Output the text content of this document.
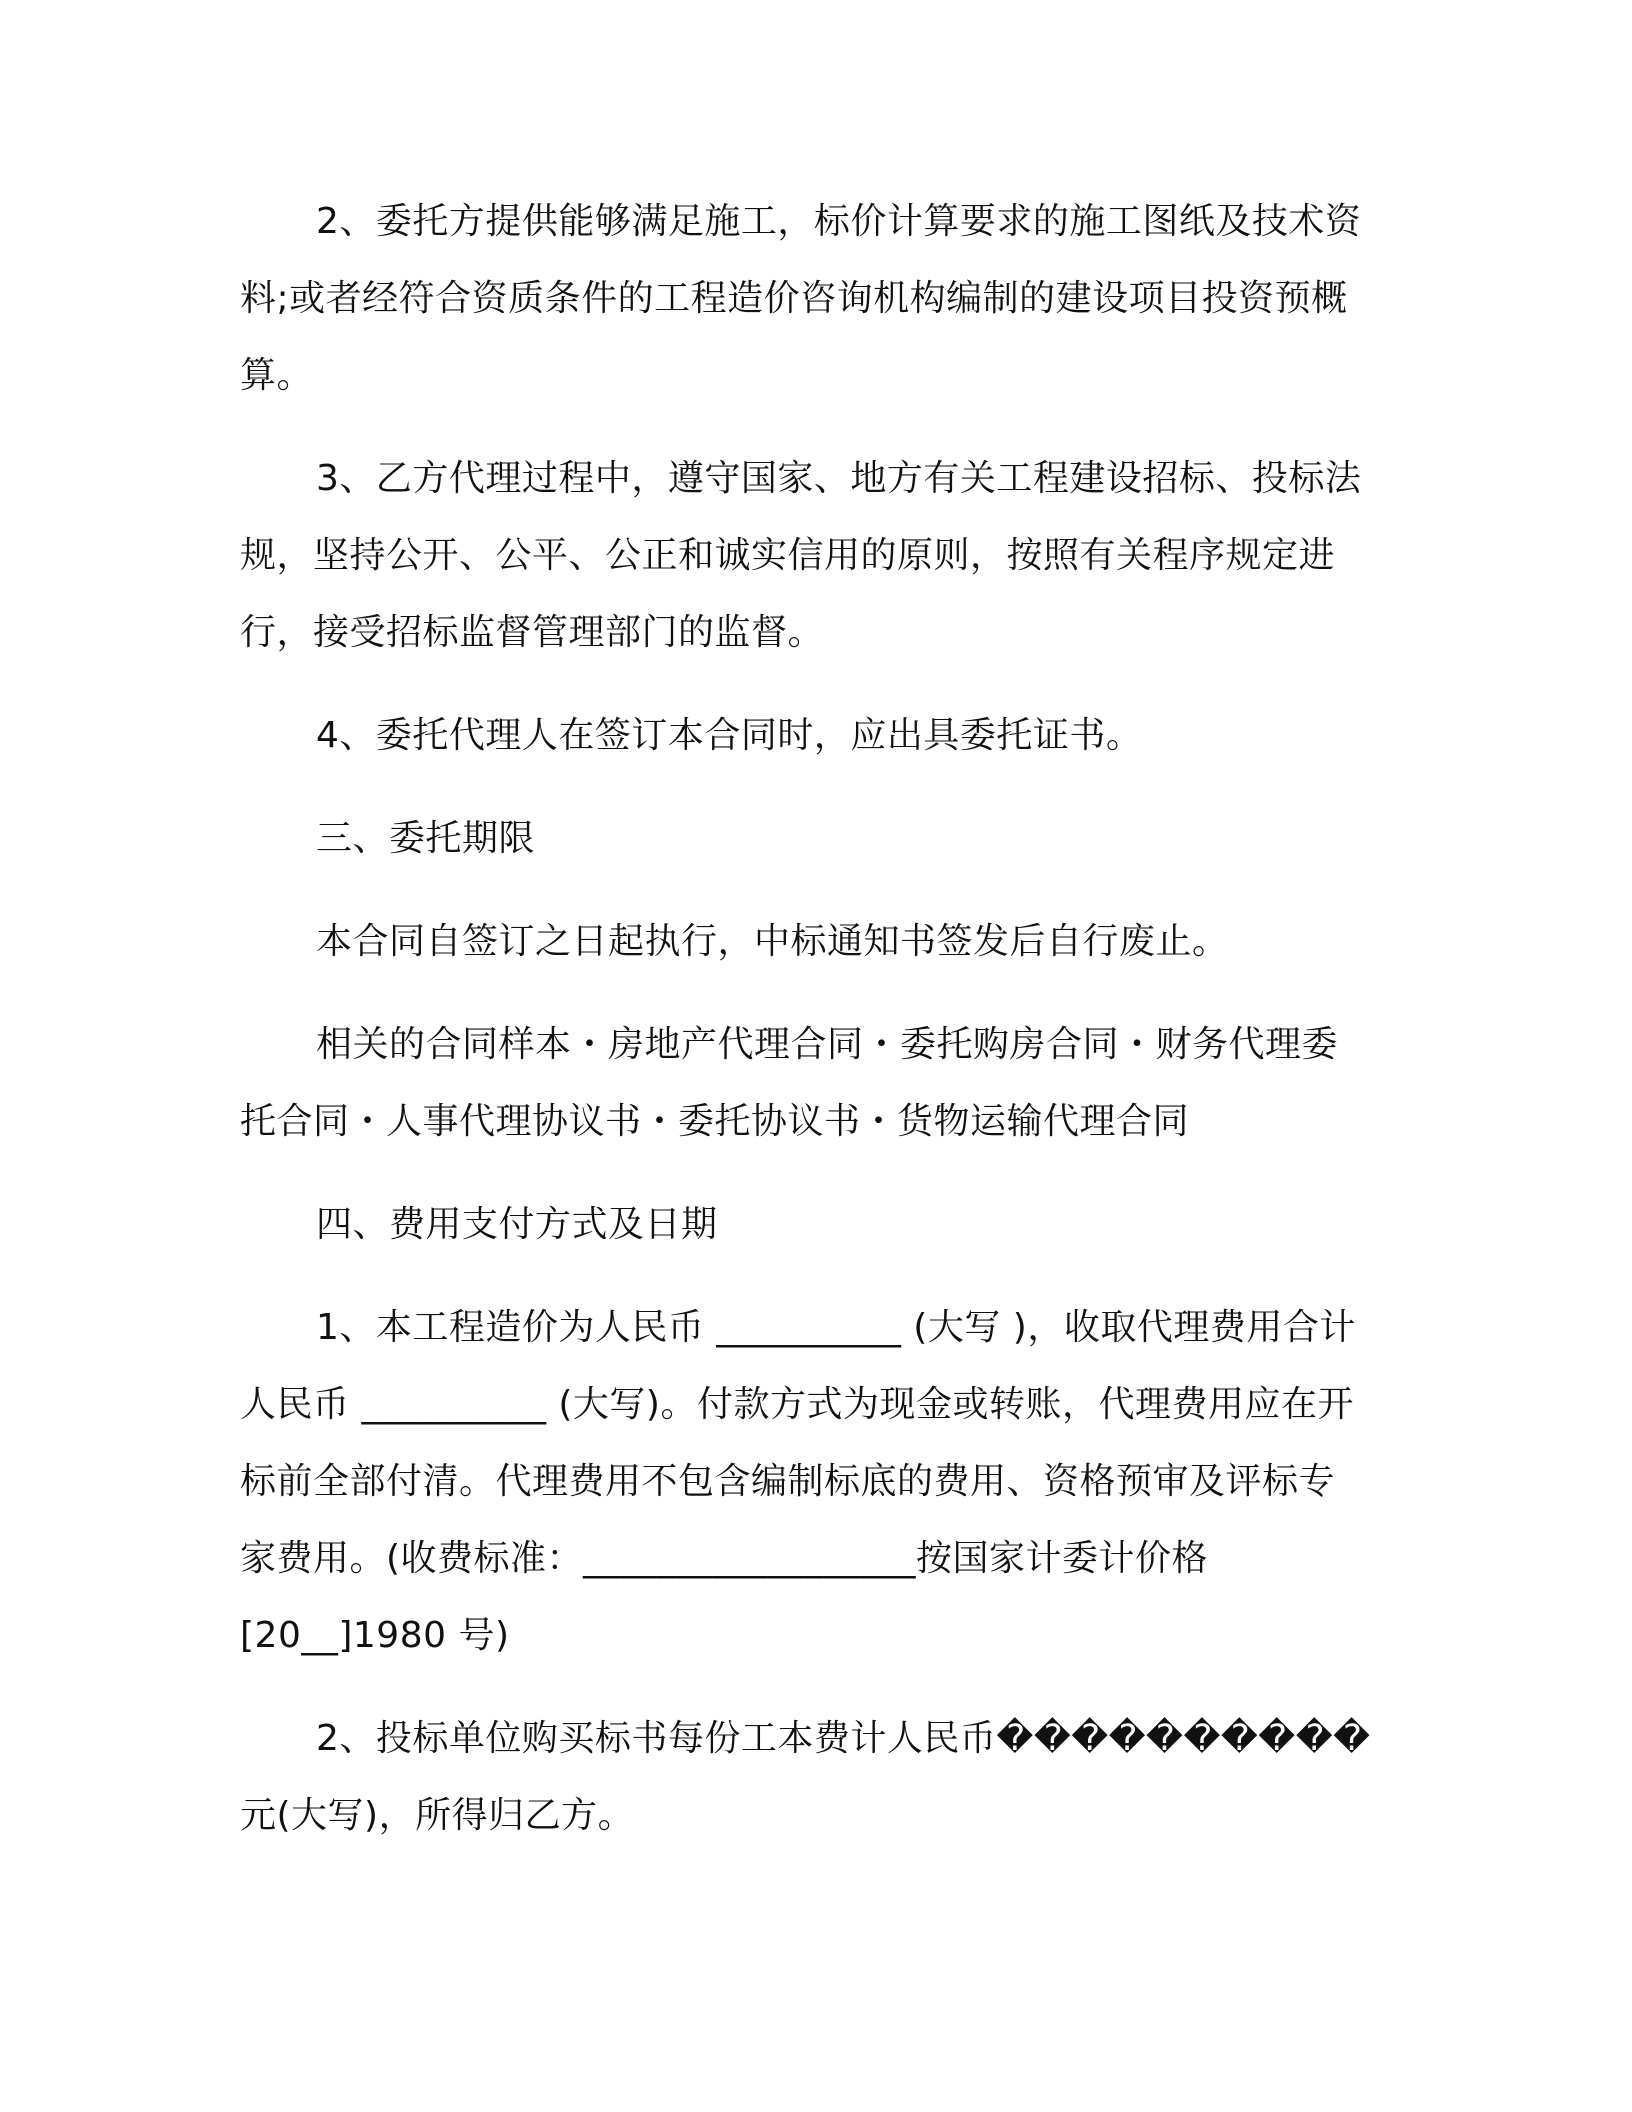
2、委托方提供能够满足施工，标价计算要求的施工图纸及技术资
料;或者经符合资质条件的工程造价咨询机构编制的建设项目投资预概
算。

3、乙方代理过程中，遵守国家、地方有关工程建设招标、投标法
规，坚持公开、公平、公正和诚实信用的原则，按照有关程序规定进
行，接受招标监督管理部门的监督。

4、委托代理人在签订本合同时，应出具委托证书。

三、委托期限

本合同自签订之日起执行，中标通知书签发后自行废止。

相关的合同样本・房地产代理合同・委托购房合同・财务代理委
托合同・人事代理协议书・委托协议书・货物运输代理合同

四、费用支付方式及日期

1、本工程造价为人民币 __________ (大写 )，收取代理费用合计
人民币 __________ (大写)。付款方式为现金或转账，代理费用应在开
标前全部付清。代理费用不包含编制标底的费用、资格预审及评标专
家费用。(收费标准：__________________按国家计委计价格
[20__]1980 号)

2、投标单位购买标书每份工本费计人民币����������
元(大写)，所得归乙方。
